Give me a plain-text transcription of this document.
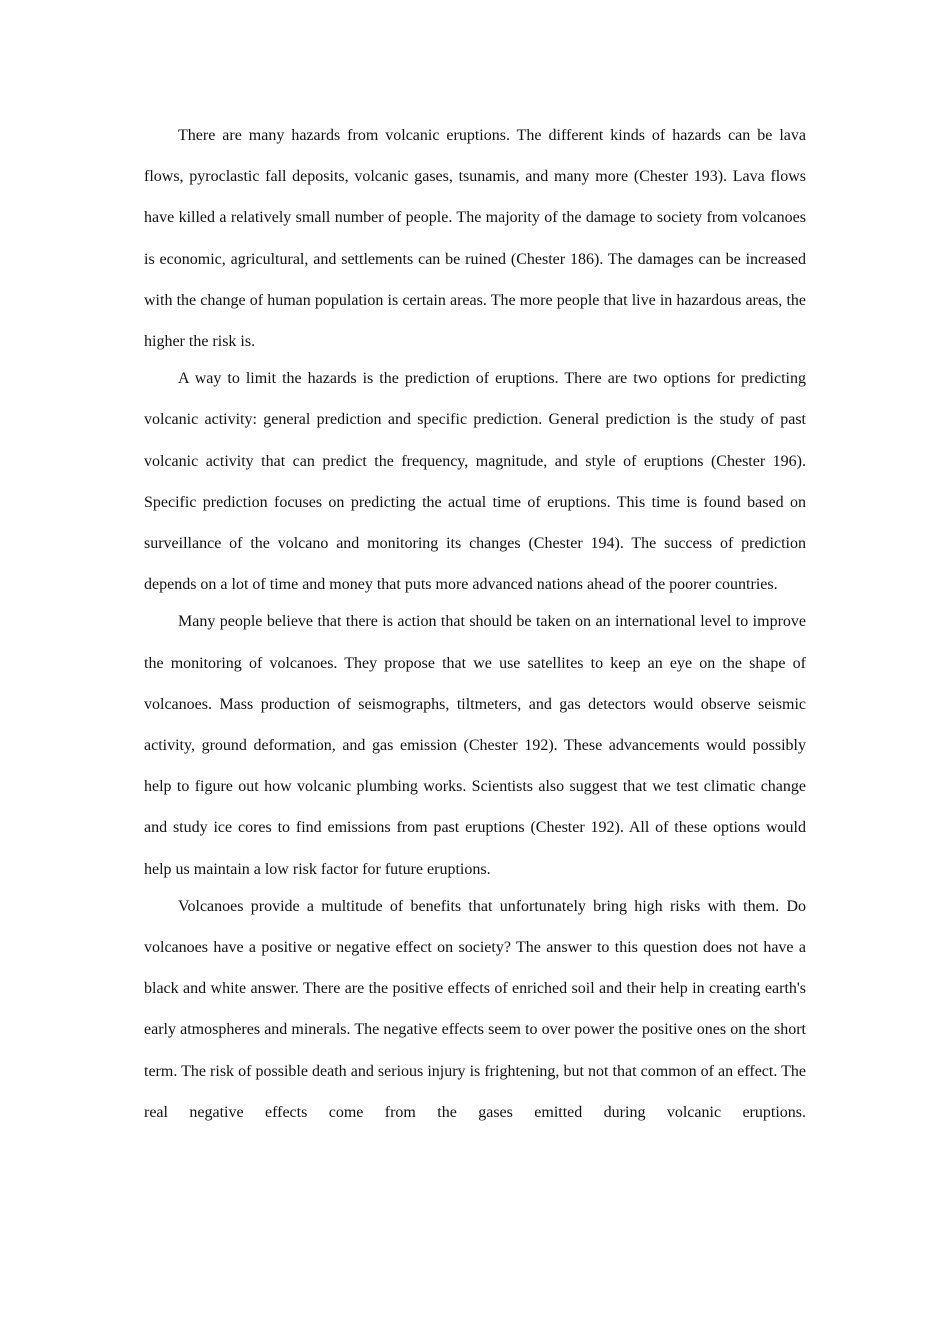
There are many hazards from volcanic eruptions. The different kinds of hazards can be lava flows, pyroclastic fall deposits, volcanic gases, tsunamis, and many more (Chester 193). Lava flows have killed a relatively small number of people. The majority of the damage to society from volcanoes is economic, agricultural, and settlements can be ruined (Chester 186). The damages can be increased with the change of human population is certain areas. The more people that live in hazardous areas, the higher the risk is.

A way to limit the hazards is the prediction of eruptions. There are two options for predicting volcanic activity: general prediction and specific prediction. General prediction is the study of past volcanic activity that can predict the frequency, magnitude, and style of eruptions (Chester 196). Specific prediction focuses on predicting the actual time of eruptions. This time is found based on surveillance of the volcano and monitoring its changes (Chester 194). The success of prediction depends on a lot of time and money that puts more advanced nations ahead of the poorer countries.

Many people believe that there is action that should be taken on an international level to improve the monitoring of volcanoes. They propose that we use satellites to keep an eye on the shape of volcanoes. Mass production of seismographs, tiltmeters, and gas detectors would observe seismic activity, ground deformation, and gas emission (Chester 192). These advancements would possibly help to figure out how volcanic plumbing works. Scientists also suggest that we test climatic change and study ice cores to find emissions from past eruptions (Chester 192). All of these options would help us maintain a low risk factor for future eruptions.

Volcanoes provide a multitude of benefits that unfortunately bring high risks with them. Do volcanoes have a positive or negative effect on society? The answer to this question does not have a black and white answer. There are the positive effects of enriched soil and their help in creating earth's early atmospheres and minerals. The negative effects seem to over power the positive ones on the short term. The risk of possible death and serious injury is frightening, but not that common of an effect. The real negative effects come from the gases emitted during volcanic eruptions.
